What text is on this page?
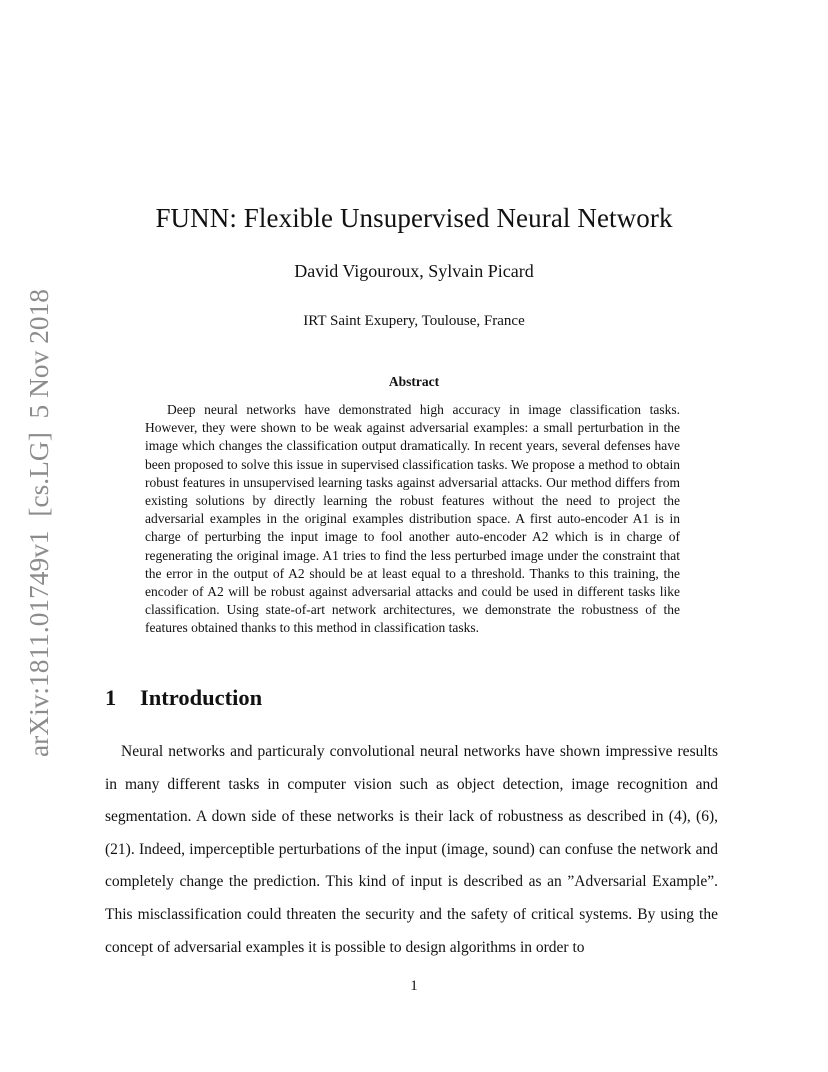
arXiv:1811.01749v1  [cs.LG]  5 Nov 2018
FUNN: Flexible Unsupervised Neural Network
David Vigouroux, Sylvain Picard
IRT Saint Exupery, Toulouse, France
Abstract

Deep neural networks have demonstrated high accuracy in image classification tasks. However, they were shown to be weak against adversarial examples: a small perturbation in the image which changes the classification output dramatically. In recent years, several defenses have been proposed to solve this issue in supervised classification tasks. We propose a method to obtain robust features in unsupervised learning tasks against adversarial attacks. Our method differs from existing solutions by directly learning the robust features without the need to project the adversarial examples in the original examples distribution space. A first auto-encoder A1 is in charge of perturbing the input image to fool another auto-encoder A2 which is in charge of regenerating the original image. A1 tries to find the less perturbed image under the constraint that the error in the output of A2 should be at least equal to a threshold. Thanks to this training, the encoder of A2 will be robust against adversarial attacks and could be used in different tasks like classification. Using state-of-art network architectures, we demonstrate the robustness of the features obtained thanks to this method in classification tasks.

1 Introduction

Neural networks and particuraly convolutional neural networks have shown impressive results in many different tasks in computer vision such as object detection, image recognition and segmentation. A down side of these networks is their lack of robustness as described in (4), (6), (21). Indeed, imperceptible perturbations of the input (image, sound) can confuse the network and completely change the prediction. This kind of input is described as an ”Adversarial Example”. This misclassification could threaten the security and the safety of critical systems. By using the concept of adversarial examples it is possible to design algorithms in order to

1
